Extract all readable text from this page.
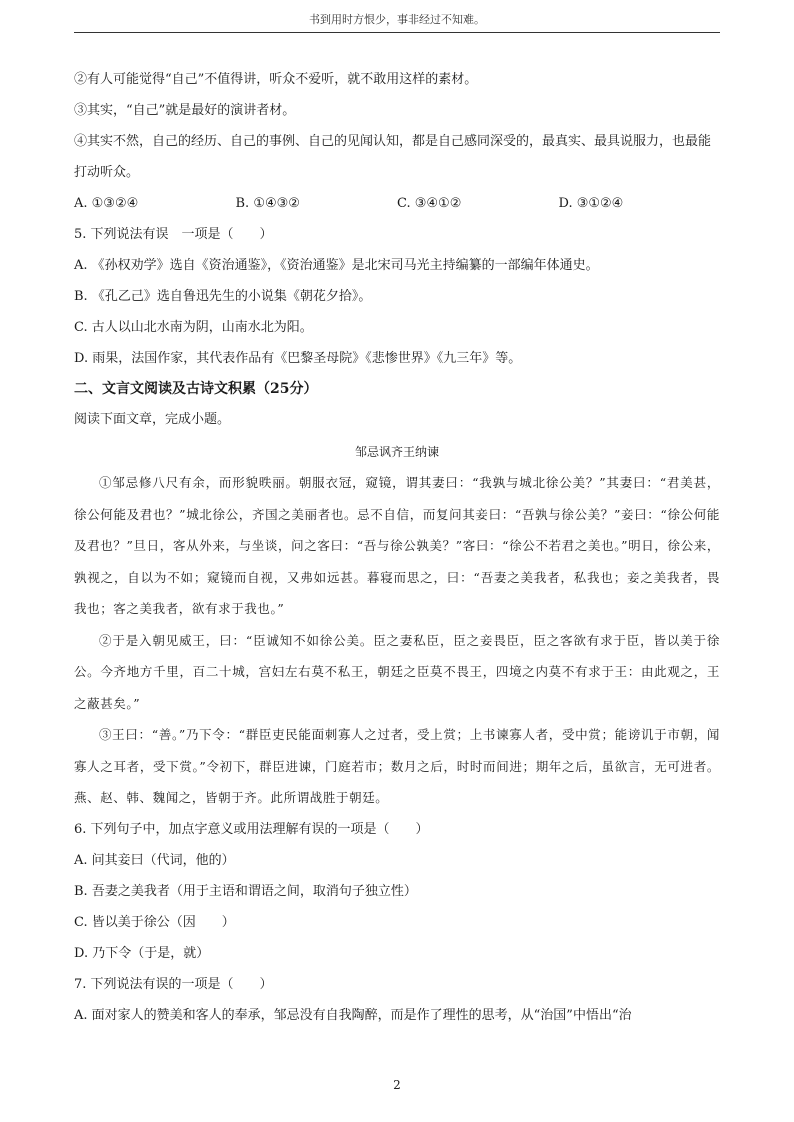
书到用时方恨少，事非经过不知难。
②有人可能觉得“自己”不值得讲，听众不爱听，就不敢用这样的素材。
③其实，“自己”就是最好的演讲者材。
④其实不然，自己的经历、自己的事例、自己的见闻认知，都是自己感同深受的，最真实、最具说服力，也最能打动听众。
A. ①③②④	B. ①④③②	C. ③④①②	D. ③①②④
5. 下列说法有误　一项是（　　）
A. 《孙权劝学》选自《资治通鉴》，《资治通鉴》是北宋司马光主持编纂的一部编年体通史。
B. 《孔乙己》选自鲁迅先生的小说集《朝花夕拾》。
C. 古人以山北水南为阴，山南水北为阳。
D. 雨果，法国作家，其代表作品有《巴黎圣母院》《悲惨世界》《九三年》等。
二、文言文阅读及古诗文积累（25分）
阅读下面文章，完成小题。
邹忌讽齐王纳谏
①邹忌修八尺有余，而形貌昳丽。朝服衣冠，窥镜，谓其妻曰：“我孰与城北徐公美？”其妻曰：“君美甚，徐公何能及君也？”城北徐公，齐国之美丽者也。忌不自信，而复问其妾曰：“吾孰与徐公美？”妾曰：“徐公何能及君也？”旦日，客从外来，与坐谈，问之客曰：“吾与徐公孰美？”客曰：“徐公不若君之美也。”明日，徐公来，孰视之，自以为不如；窥镜而自视，又弗如远甚。暮寝而思之，曰：“吾妻之美我者，私我也；妾之美我者，畏我也；客之美我者，欲有求于我也。”
②于是入朝见威王，曰：“臣诚知不如徐公美。臣之妻私臣，臣之妾畏臣，臣之客欲有求于臣，皆以美于徐公。今齐地方千里，百二十城，宫妇左右莫不私王，朝廷之臣莫不畏王，四境之内莫不有求于王：由此观之，王之蔽甚矣。”
③王曰：“善。”乃下令：“群臣吏民能面刺寡人之过者，受上赏；上书谏寡人者，受中赏；能谤讥于市朝，闻寡人之耳者，受下赏。”令初下，群臣进谏，门庭若市；数月之后，时时而间进；期年之后，虽欲言，无可进者。燕、赵、韩、魏闻之，皆朝于齐。此所谓战胜于朝廷。
6. 下列句子中，加点字意义或用法理解有误的一项是（　　）
A. 问其妾曰（代词，他的）
B. 吾妻之美我者（用于主语和谓语之间，取消句子独立性）
C. 皆以美于徐公（因　　）
D. 乃下令（于是，就）
7. 下列说法有误的一项是（　　）
A. 面对家人的赞美和客人的奉承，邹忌没有自我陶醉，而是作了理性的思考，从“治国”中悟出“治
2
